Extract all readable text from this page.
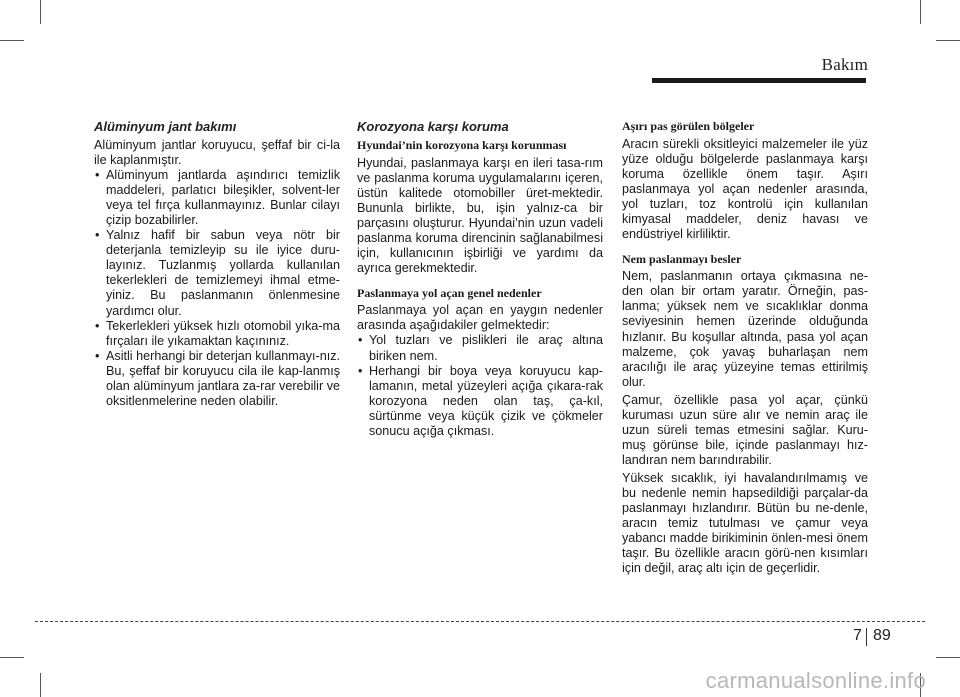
Bakım
Alüminyum jant bakımı
Alüminyum jantlar koruyucu, şeffaf bir ci-la ile kaplanmıştır.
• Alüminyum jantlarda aşındırıcı temizlik maddeleri, parlatıcı bileşikler, solvent-ler veya tel fırça kullanmayınız. Bunlar cilayı çizip bozabilirler.
• Yalnız hafif bir sabun veya nötr bir deterjanla temizleyip su ile iyice duru-layınız. Tuzlanmış yollarda kullanılan tekerlekleri de temizlemeyi ihmal etme-yiniz. Bu paslanmanın önlenmesine yardımcı olur.
• Tekerlekleri yüksek hızlı otomobil yıka-ma fırçaları ile yıkamaktan kaçınınız.
• Asitli herhangi bir deterjan kullanmayı-nız. Bu, şeffaf bir koruyucu cila ile kap-lanmış olan alüminyum jantlara za-rar verebilir ve oksitlenmelerine neden olabilir.
Korozyona karşı koruma
Hyundai’nin korozyona karşı korunması
Hyundai, paslanmaya karşı en ileri tasa-rım ve paslanma koruma uygulamalarını içeren, üstün kalitede otomobiller üret-mektedir. Bununla birlikte, bu, işin yalnız-ca bir parçasını oluşturur. Hyundai’nin uzun vadeli paslanma koruma direncinin sağlanabilmesi için, kullanıcının işbirliği ve yardımı da ayrıca gerekmektedir.
Paslanmaya yol açan genel nedenler
Paslanmaya yol açan en yaygın nedenler arasında aşağıdakiler gelmektedir:
• Yol tuzları ve pislikleri ile araç altına biriken nem.
• Herhangi bir boya veya koruyucu kap-lamanın, metal yüzeyleri açığa çıkara-rak korozyona neden olan taş, ça-kıl, sürtünme veya küçük çizik ve çökmeler sonucu açığa çıkması.
Aşırı pas görülen bölgeler
Aracın sürekli oksitleyici malzemeler ile yüz yüze olduğu bölgelerde paslanmaya karşı koruma özellikle önem taşır. Aşırı paslanmaya yol açan nedenler arasında, yol tuzları, toz kontrolü için kullanılan kimyasal maddeler, deniz havası ve endüstriyel kirliliktir.
Nem paslanmayı besler
Nem, paslanmanın ortaya çıkmasına ne-den olan bir ortam yaratır. Örneğin, pas-lanma; yüksek nem ve sıcaklıklar donma seviyesinin hemen üzerinde olduğunda hızlanır. Bu koşullar altında, pasa yol açan malzeme, çok yavaş buharlaşan nem aracılığı ile araç yüzeyine temas ettirilmiş olur.
Çamur, özellikle pasa yol açar, çünkü kuruması uzun süre alır ve nemin araç ile uzun süreli temas etmesini sağlar. Kuru-muş görünse bile, içinde paslanmayı hız-landıran nem barındırabilir.
Yüksek sıcaklık, iyi havalandırılmamış ve bu nedenle nemin hapsedildiği parçalar-da paslanmayı hızlandırır. Bütün bu ne-denle, aracın temiz tutulması ve çamur veya yabancı madde birikiminin önlen-mesi önem taşır. Bu özellikle aracın görü-nen kısımları için değil, araç altı için de geçerlidir.
7 89
carmanualsonline.info
